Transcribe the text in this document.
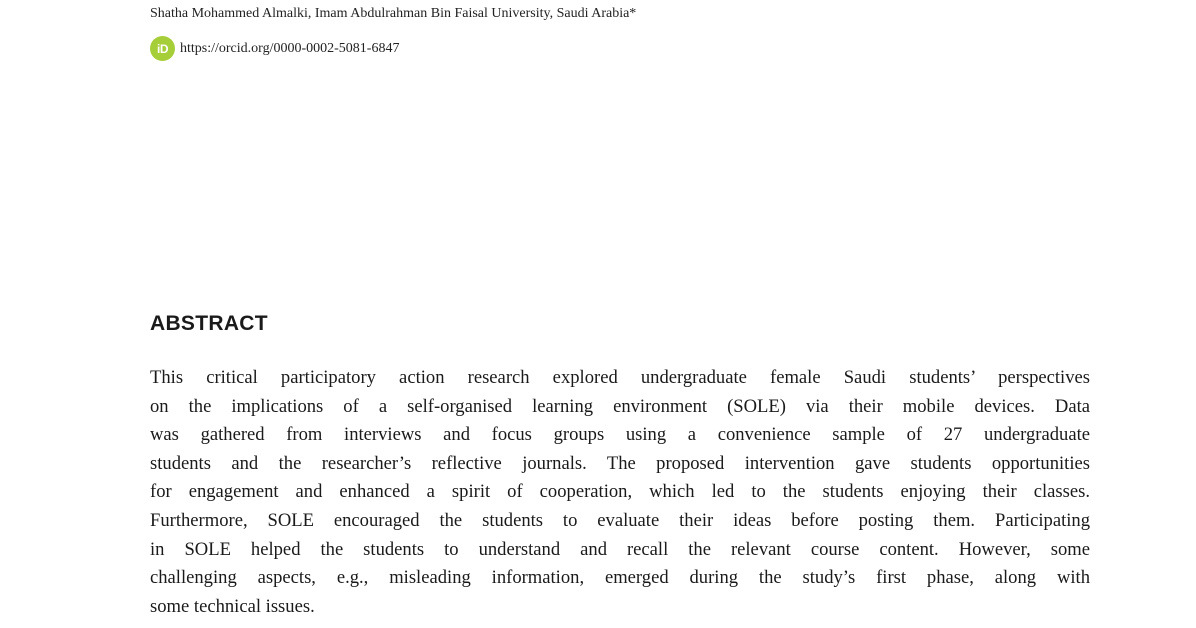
Shatha Mohammed Almalki, Imam Abdulrahman Bin Faisal University, Saudi Arabia*
iD https://orcid.org/0000-0002-5081-6847
ABSTRACT
This critical participatory action research explored undergraduate female Saudi students’ perspectives
on the implications of a self-organised learning environment (SOLE) via their mobile devices. Data
was gathered from interviews and focus groups using a convenience sample of 27 undergraduate
students and the researcher’s reflective journals. The proposed intervention gave students opportunities
for engagement and enhanced a spirit of cooperation, which led to the students enjoying their classes.
Furthermore, SOLE encouraged the students to evaluate their ideas before posting them. Participating
in SOLE helped the students to understand and recall the relevant course content. However, some
challenging aspects, e.g., misleading information, emerged during the study’s first phase, along with
some technical issues.
